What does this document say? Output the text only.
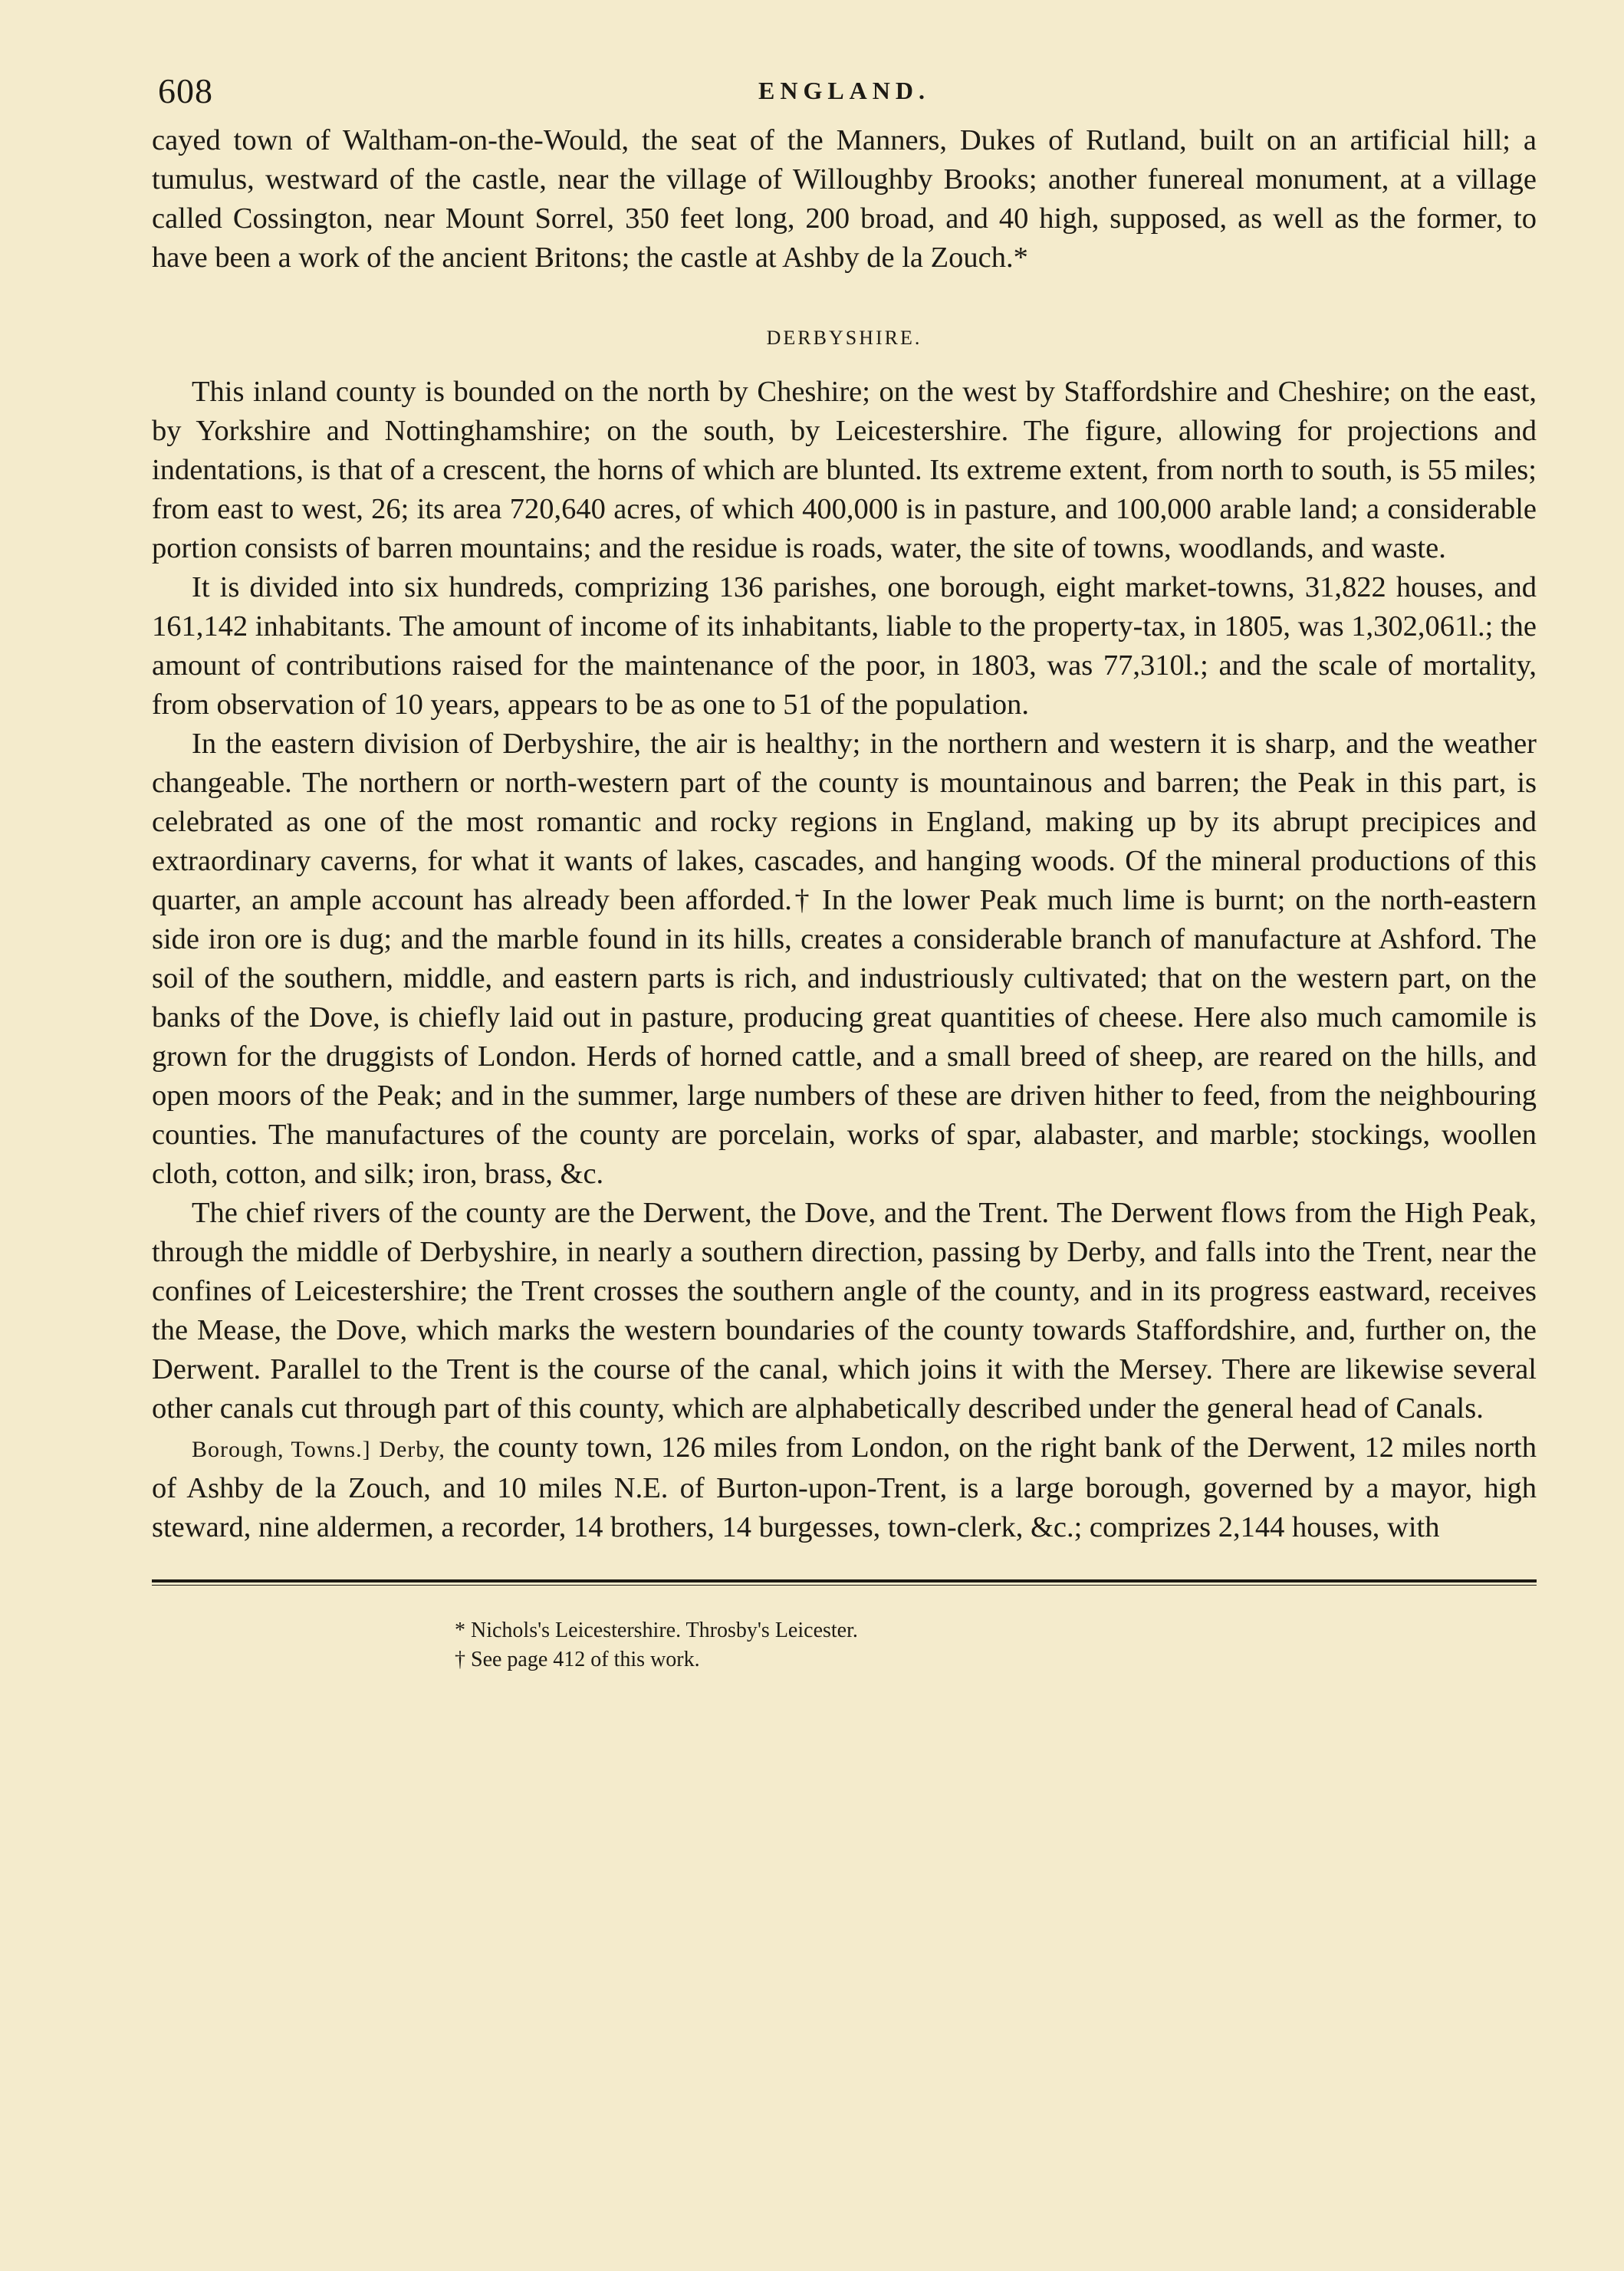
608	ENGLAND.

cayed town of Waltham-on-the-Would, the seat of the Manners, Dukes of Rutland, built on an artificial hill; a tumulus, westward of the castle, near the village of Willoughby Brooks; another funereal monument, at a village called Cossington, near Mount Sorrel, 350 feet long, 200 broad, and 40 high, supposed, as well as the former, to have been a work of the ancient Britons; the castle at Ashby de la Zouch.*

DERBYSHIRE.

This inland county is bounded on the north by Cheshire; on the west by Staffordshire and Cheshire; on the east, by Yorkshire and Nottinghamshire; on the south, by Leicestershire. The figure, allowing for projections and indentations, is that of a crescent, the horns of which are blunted. Its extreme extent, from north to south, is 55 miles; from east to west, 26; its area 720,640 acres, of which 400,000 is in pasture, and 100,000 arable land; a considerable portion consists of barren mountains; and the residue is roads, water, the site of towns, woodlands, and waste.

It is divided into six hundreds, comprizing 136 parishes, one borough, eight market-towns, 31,822 houses, and 161,142 inhabitants. The amount of income of its inhabitants, liable to the property-tax, in 1805, was 1,302,061l.; the amount of contributions raised for the maintenance of the poor, in 1803, was 77,310l.; and the scale of mortality, from observation of 10 years, appears to be as one to 51 of the population.

In the eastern division of Derbyshire, the air is healthy; in the northern and western it is sharp, and the weather changeable. The northern or north-western part of the county is mountainous and barren; the Peak in this part, is celebrated as one of the most romantic and rocky regions in England, making up by its abrupt precipices and extraordinary caverns, for what it wants of lakes, cascades, and hanging woods. Of the mineral productions of this quarter, an ample account has already been afforded.† In the lower Peak much lime is burnt; on the north-eastern side iron ore is dug; and the marble found in its hills, creates a considerable branch of manufacture at Ashford. The soil of the southern, middle, and eastern parts is rich, and industriously cultivated; that on the western part, on the banks of the Dove, is chiefly laid out in pasture, producing great quantities of cheese. Here also much camomile is grown for the druggists of London. Herds of horned cattle, and a small breed of sheep, are reared on the hills, and open moors of the Peak; and in the summer, large numbers of these are driven hither to feed, from the neighbouring counties. The manufactures of the county are porcelain, works of spar, alabaster, and marble; stockings, woollen cloth, cotton, and silk; iron, brass, &c.

The chief rivers of the county are the Derwent, the Dove, and the Trent. The Derwent flows from the High Peak, through the middle of Derbyshire, in nearly a southern direction, passing by Derby, and falls into the Trent, near the confines of Leicestershire; the Trent crosses the southern angle of the county, and in its progress eastward, receives the Mease, the Dove, which marks the western boundaries of the county towards Staffordshire, and, further on, the Derwent. Parallel to the Trent is the course of the canal, which joins it with the Mersey. There are likewise several other canals cut through part of this county, which are alphabetically described under the general head of Canals.

Borough, Towns.] Derby, the county town, 126 miles from London, on the right bank of the Derwent, 12 miles north of Ashby de la Zouch, and 10 miles N.E. of Burton-upon-Trent, is a large borough, governed by a mayor, high steward, nine aldermen, a recorder, 14 brothers, 14 burgesses, town-clerk, &c.; comprizes 2,144 houses, with

* Nichols's Leicestershire. Throsby's Leicester.
† See page 412 of this work.
